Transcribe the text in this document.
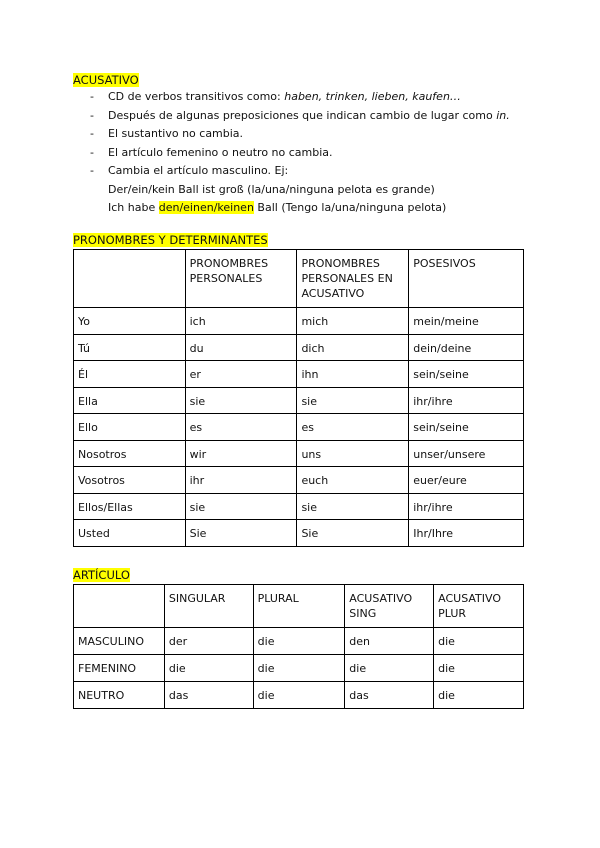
ACUSATIVO
- CD de verbos transitivos como: haben, trinken, lieben, kaufen…
- Después de algunas preposiciones que indican cambio de lugar como in.
- El sustantivo no cambia.
- El artículo femenino o neutro no cambia.
- Cambia el artículo masculino. Ej:
Der/ein/kein Ball ist groß (la/una/ninguna pelota es grande)
Ich habe den/einen/keinen Ball (Tengo la/una/ninguna pelota)
PRONOMBRES Y DETERMINANTES
	PRONOMBRES PERSONALES	PRONOMBRES PERSONALES EN ACUSATIVO	POSESIVOS
Yo	ich	mich	mein/meine
Tú	du	dich	dein/deine
Él	er	ihn	sein/seine
Ella	sie	sie	ihr/ihre
Ello	es	es	sein/seine
Nosotros	wir	uns	unser/unsere
Vosotros	ihr	euch	euer/eure
Ellos/Ellas	sie	sie	ihr/ihre
Usted	Sie	Sie	Ihr/Ihre
ARTÍCULO
	SINGULAR	PLURAL	ACUSATIVO SING	ACUSATIVO PLUR
MASCULINO	der	die	den	die
FEMENINO	die	die	die	die
NEUTRO	das	die	das	die
